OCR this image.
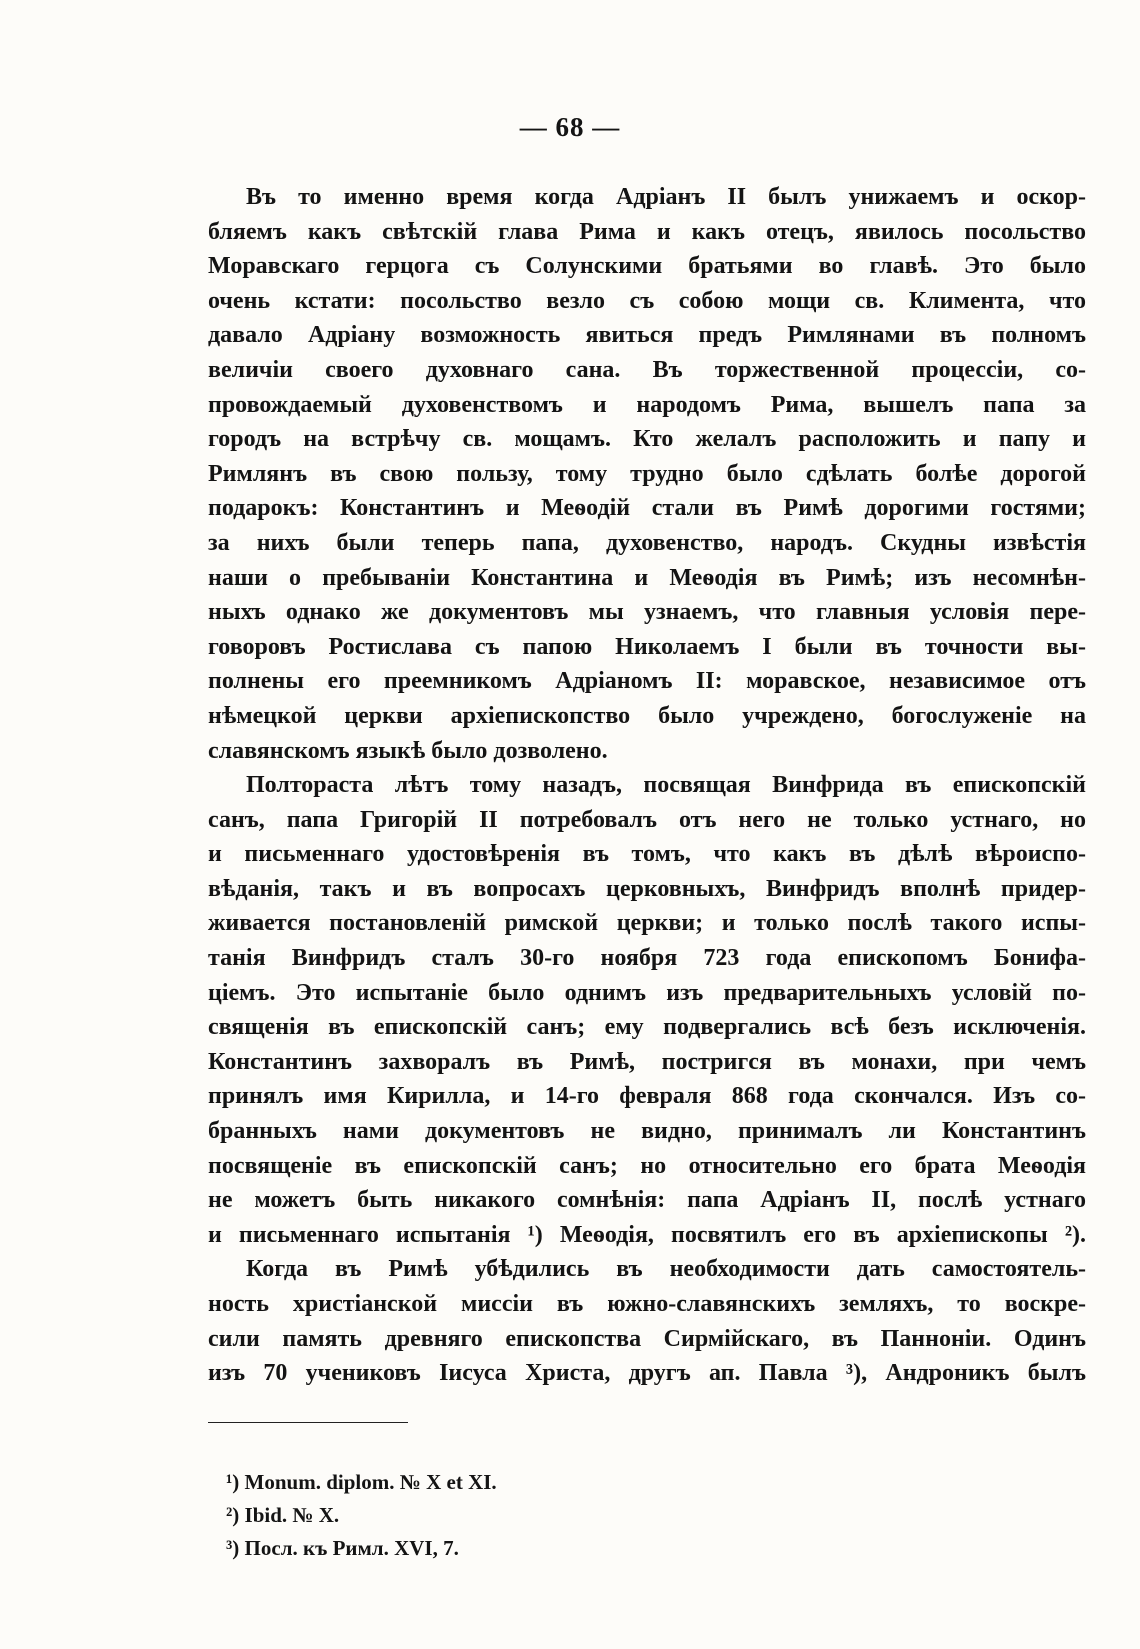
— 68 —
Въ то именно время когда Адріанъ II былъ унижаемъ и оскор-
бляемъ какъ свѣтскій глава Рима и какъ отецъ, явилось посольство
Моравскаго герцога съ Солунскими братьями во главѣ. Это было
очень кстати: посольство везло съ собою мощи св. Климента, что
давало Адріану возможность явиться предъ Римлянами въ полномъ
величіи своего духовнаго сана. Въ торжественной процессіи, со-
провождаемый духовенствомъ и народомъ Рима, вышелъ папа за
городъ на встрѣчу св. мощамъ. Кто желалъ расположить и папу и
Римлянъ въ свою пользу, тому трудно было сдѣлать болѣе дорогой
подарокъ: Константинъ и Меѳодій стали въ Римѣ дорогими гостями;
за нихъ были теперь папа, духовенство, народъ. Скудны извѣстія
наши о пребываніи Константина и Меѳодія въ Римѣ; изъ несомнѣн-
ныхъ однако же документовъ мы узнаемъ, что главныя условія пере-
говоровъ Ростислава съ папою Николаемъ I были въ точности вы-
полнены его преемникомъ Адріаномъ II: моравское, независимое отъ
нѣмецкой церкви архіепископство было учреждено, богослуженіе на
славянскомъ языкѣ было дозволено.
Полтораста лѣтъ тому назадъ, посвящая Винфрида въ епископскій
санъ, папа Григорій II потребовалъ отъ него не только устнаго, но
и письменнаго удостовѣренія въ томъ, что какъ въ дѣлѣ вѣроиспо-
вѣданія, такъ и въ вопросахъ церковныхъ, Винфридъ вполнѣ придер-
живается постановленій римской церкви; и только послѣ такого испы-
танія Винфридъ сталъ 30-го ноября 723 года епископомъ Бонифа-
ціемъ. Это испытаніе было однимъ изъ предварительныхъ условій по-
священія въ епископскій санъ; ему подвергались всѣ безъ исключенія.
Константинъ захворалъ въ Римѣ, постригся въ монахи, при чемъ
принялъ имя Кирилла, и 14-го февраля 868 года скончался. Изъ со-
бранныхъ нами документовъ не видно, принималъ ли Константинъ
посвященіе въ епископскій санъ; но относительно его брата Меѳодія
не можетъ быть никакого сомнѣнія: папа Адріанъ II, послѣ устнаго
и письменнаго испытанія ¹) Меѳодія, посвятилъ его въ архіепископы ²).
Когда въ Римѣ убѣдились въ необходимости дать самостоятель-
ность христіанской миссіи въ южно-славянскихъ земляхъ, то воскре-
сили память древняго епископства Сирмійскаго, въ Панноніи. Одинъ
изъ 70 учениковъ Іисуса Христа, другъ ап. Павла ³), Андроникъ былъ
¹) Monum. diplom. № X et XI.
²) Ibid. № X.
³) Посл. къ Римл. XVI, 7.
